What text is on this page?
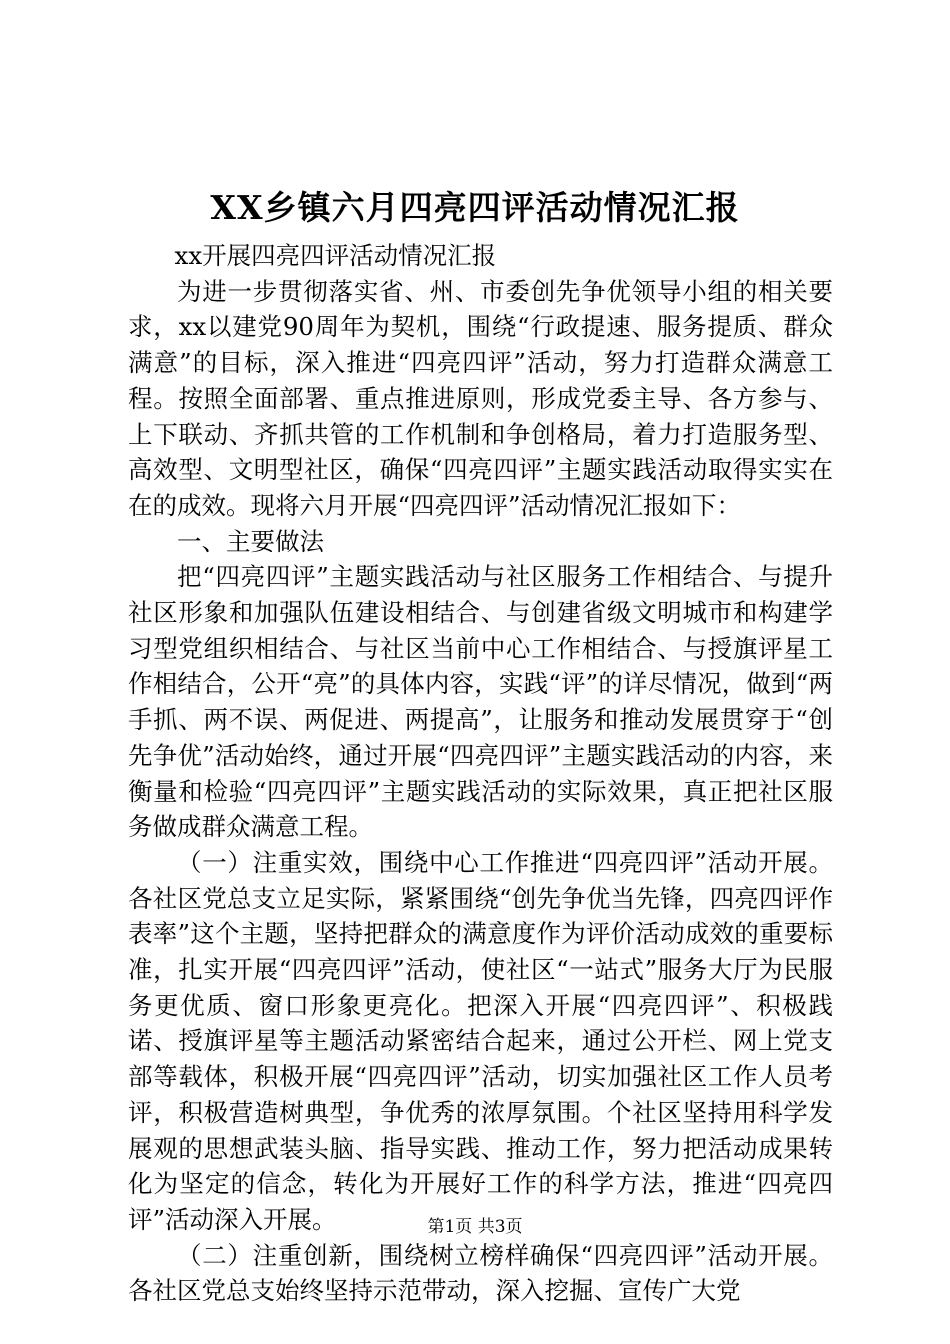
XX乡镇六月四亮四评活动情况汇报

xx开展四亮四评活动情况汇报

为进一步贯彻落实省、州、市委创先争优领导小组的相关要求，xx以建党90周年为契机，围绕“行政提速、服务提质、群众满意”的目标，深入推进“四亮四评”活动，努力打造群众满意工程。按照全面部署、重点推进原则，形成党委主导、各方参与、上下联动、齐抓共管的工作机制和争创格局，着力打造服务型、高效型、文明型社区，确保“四亮四评”主题实践活动取得实实在在的成效。现将六月开展“四亮四评”活动情况汇报如下：

一、主要做法

把“四亮四评”主题实践活动与社区服务工作相结合、与提升社区形象和加强队伍建设相结合、与创建省级文明城市和构建学习型党组织相结合、与社区当前中心工作相结合、与授旗评星工作相结合，公开“亮”的具体内容，实践“评”的详尽情况，做到“两手抓、两不误、两促进、两提高”，让服务和推动发展贯穿于“创先争优”活动始终，通过开展“四亮四评”主题实践活动的内容，来衡量和检验“四亮四评”主题实践活动的实际效果，真正把社区服务做成群众满意工程。

（一）注重实效，围绕中心工作推进“四亮四评”活动开展。各社区党总支立足实际，紧紧围绕“创先争优当先锋，四亮四评作表率”这个主题，坚持把群众的满意度作为评价活动成效的重要标准，扎实开展“四亮四评”活动，使社区“一站式”服务大厅为民服务更优质、窗口形象更亮化。把深入开展“四亮四评”、积极践诺、授旗评星等主题活动紧密结合起来，通过公开栏、网上党支部等载体，积极开展“四亮四评”活动，切实加强社区工作人员考评，积极营造树典型，争优秀的浓厚氛围。个社区坚持用科学发展观的思想武装头脑、指导实践、推动工作，努力把活动成果转化为坚定的信念，转化为开展好工作的科学方法，推进“四亮四评”活动深入开展。

（二）注重创新，围绕树立榜样确保“四亮四评”活动开展。各社区党总支始终坚持示范带动，深入挖掘、宣传广大党

第1页 共3页
